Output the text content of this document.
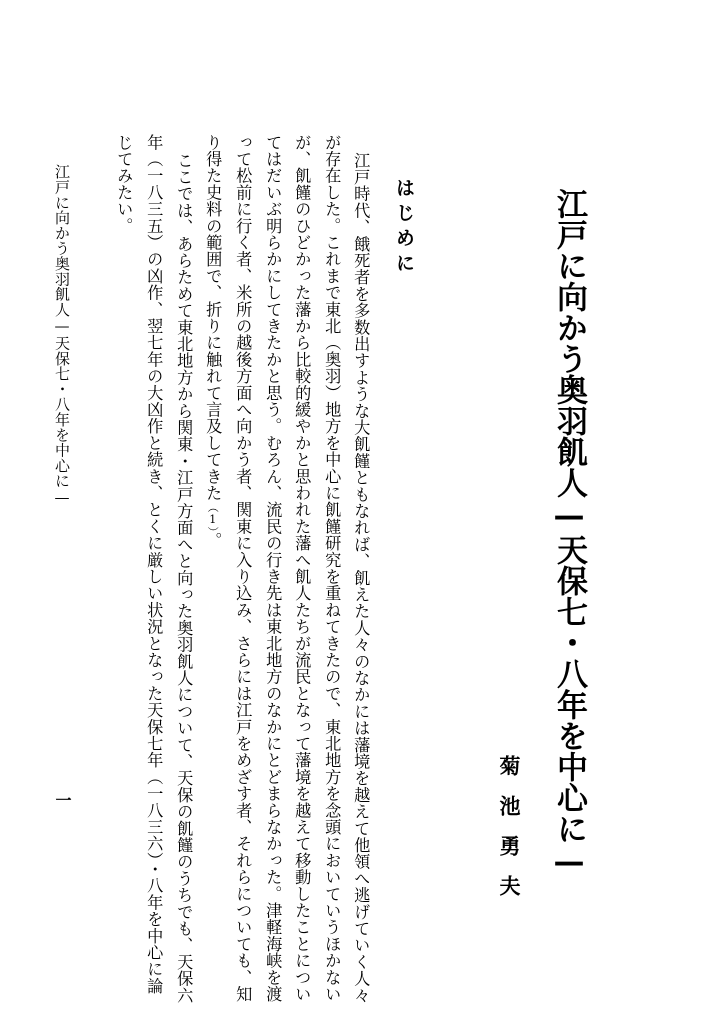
江戸に向かう奥羽飢人—天保七・八年を中心に—
菊池勇夫
はじめに
江戸時代、餓死者を多数出すような大飢饉ともなれば、飢えた人々のなかには藩境を越えて他領へ逃げていく人々
が存在した。これまで東北（奥羽）地方を中心に飢饉研究を重ねてきたので、東北地方を念頭においていうほかない
が、飢饉のひどかった藩から比較的緩やかと思われた藩へ飢人たちが流民となって藩境を越えて移動したことについ
てはだいぶ明らかにしてきたかと思う。むろん、流民の行き先は東北地方のなかにとどまらなかった。津軽海峡を渡
って松前に行く者、米所の越後方面へ向かう者、関東に入り込み、さらには江戸をめざす者、それらについても、知
り得た史料の範囲で、折りに触れて言及してきた（1）。
ここでは、あらためて東北地方から関東・江戸方面へと向った奥羽飢人について、天保の飢饉のうちでも、天保六
年（一八三五）の凶作、翌七年の大凶作と続き、とくに厳しい状況となった天保七年（一八三六）・八年を中心に論
じてみたい。
江戸に向かう奥羽飢人—天保七・八年を中心に—
一
